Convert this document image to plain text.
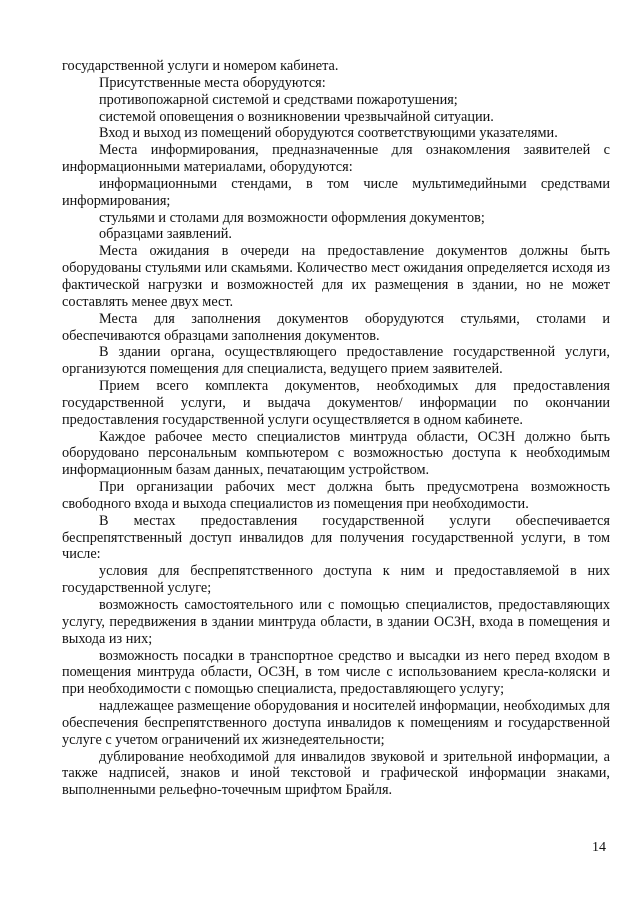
государственной услуги и номером кабинета.

Присутственные места оборудуются:

противопожарной системой и средствами пожаротушения;

системой оповещения о возникновении чрезвычайной ситуации.

Вход и выход из помещений оборудуются соответствующими указателями.

Места информирования, предназначенные для ознакомления заявителей с информационными материалами, оборудуются:

информационными стендами, в том числе мультимедийными средствами информирования;

стульями и столами для возможности оформления документов;

образцами заявлений.

Места ожидания в очереди на предоставление документов должны быть оборудованы стульями или скамьями. Количество мест ожидания определяется исходя из фактической нагрузки и возможностей для их размещения в здании, но не может составлять менее двух мест.

Места для заполнения документов оборудуются стульями, столами и обеспечиваются образцами заполнения документов.

В здании органа, осуществляющего предоставление государственной услуги, организуются помещения для специалиста, ведущего прием заявителей.

Прием всего комплекта документов, необходимых для предоставления государственной услуги, и выдача документов/ информации по окончании предоставления государственной услуги осуществляется в одном кабинете.

Каждое рабочее место специалистов минтруда области, ОСЗН должно быть оборудовано персональным компьютером с возможностью доступа к необходимым информационным базам данных, печатающим устройством.

При организации рабочих мест должна быть предусмотрена возможность свободного входа и выхода специалистов из помещения при необходимости.

В местах предоставления государственной услуги обеспечивается беспрепятственный доступ инвалидов для получения государственной услуги, в том числе:

условия для беспрепятственного доступа к ним и предоставляемой в них государственной услуге;

возможность самостоятельного или с помощью специалистов, предоставляющих услугу, передвижения в здании минтруда области, в здании ОСЗН, входа в помещения и выхода из них;

возможность посадки в транспортное средство и высадки из него перед входом в помещения минтруда области, ОСЗН, в том числе с использованием кресла-коляски и при необходимости с помощью специалиста, предоставляющего услугу;

надлежащее размещение оборудования и носителей информации, необходимых для обеспечения беспрепятственного доступа инвалидов к помещениям и государственной услуге с учетом ограничений их жизнедеятельности;

дублирование необходимой для инвалидов звуковой и зрительной информации, а также надписей, знаков и иной текстовой и графической информации знаками, выполненными рельефно-точечным шрифтом Брайля.

14
